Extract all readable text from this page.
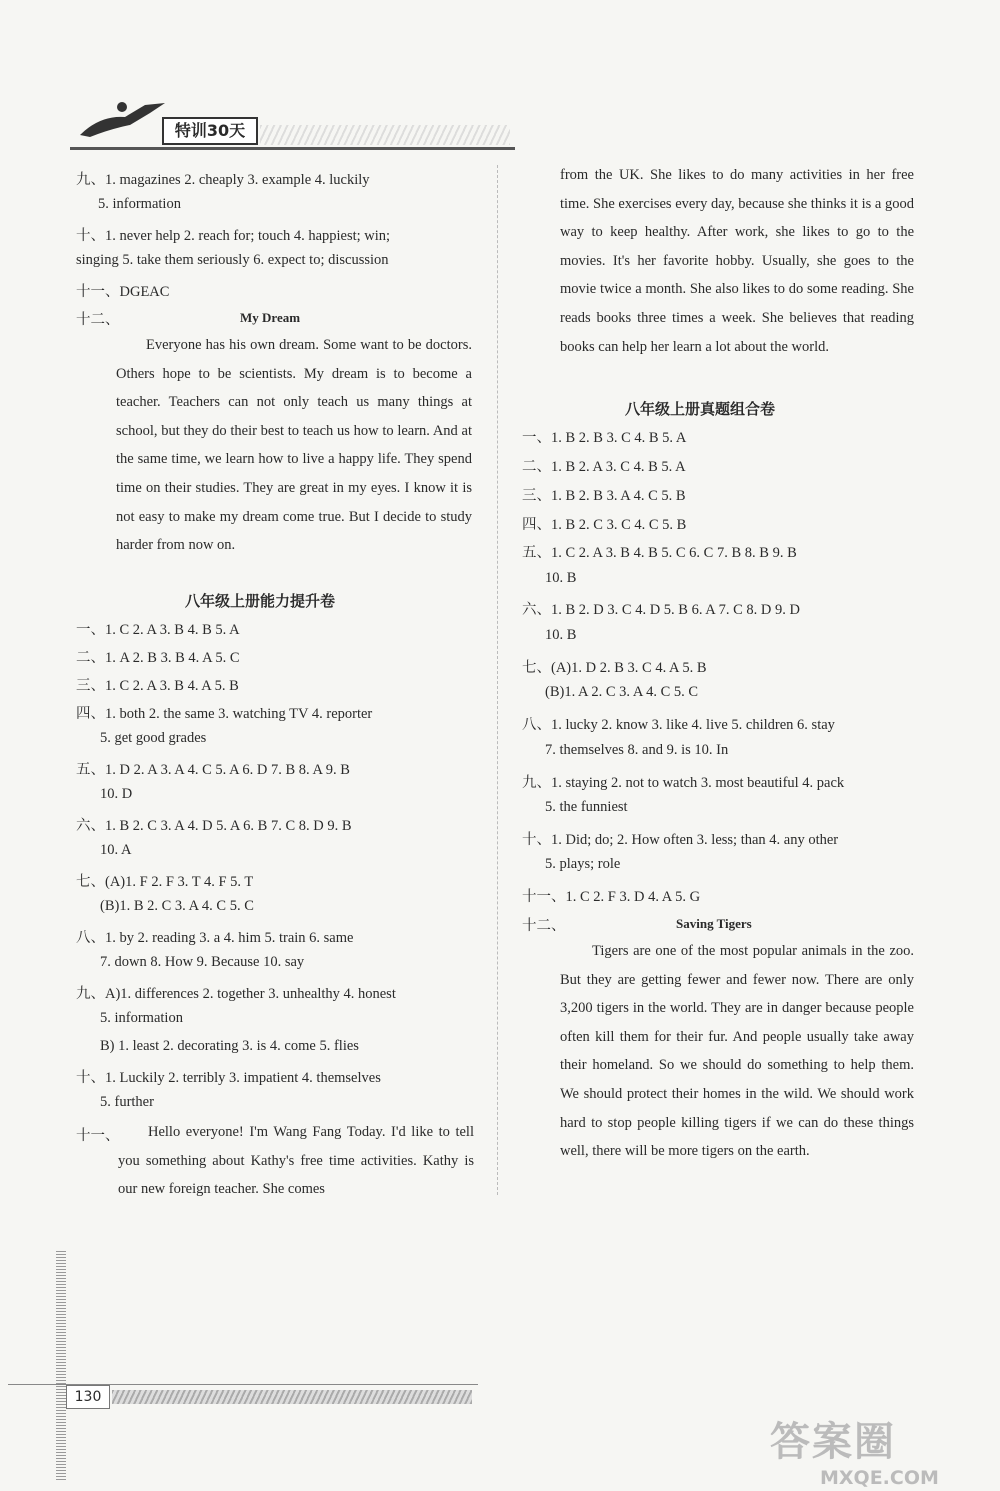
特训30天
九、1. magazines 2. cheaply 3. example 4. luckily
5. information
十、1. never help 2. reach for; touch 4. happiest; win;
singing 5. take them seriously 6. expect to; discussion
十一、DGEAC
十二、	My Dream
Everyone has his own dream. Some want to be doctors. Others hope to be scientists. My dream is to become a teacher. Teachers can not only teach us many things at school, but they do their best to teach us how to learn. And at the same time, we learn how to live a happy life. They spend time on their studies. They are great in my eyes. I know it is not easy to make my dream come true. But I decide to study harder from now on.
八年级上册能力提升卷
一、1. C 2. A 3. B 4. B 5. A
二、1. A 2. B 3. B 4. A 5. C
三、1. C 2. A 3. B 4. A 5. B
四、1. both 2. the same 3. watching TV 4. reporter
5. get good grades
五、1. D 2. A 3. A 4. C 5. A 6. D 7. B 8. A 9. B
10. D
六、1. B 2. C 3. A 4. D 5. A 6. B 7. C 8. D 9. B
10. A
七、(A)1. F 2. F 3. T 4. F 5. T
(B)1. B 2. C 3. A 4. C 5. C
八、1. by 2. reading 3. a 4. him 5. train 6. same
7. down 8. How 9. Because 10. say
九、A)1. differences 2. together 3. unhealthy 4. honest
5. information
B) 1. least 2. decorating 3. is 4. come 5. flies
十、1. Luckily 2. terribly 3. impatient 4. themselves
5. further
十一、	Hello everyone! I'm Wang Fang Today. I'd like to tell you something about Kathy's free time activities. Kathy is our new foreign teacher. She comes
from the UK. She likes to do many activities in her free time. She exercises every day, because she thinks it is a good way to keep healthy. After work, she likes to go to the movies. It's her favorite hobby. Usually, she goes to the movie twice a month. She also likes to do some reading. She reads books three times a week. She believes that reading books can help her learn a lot about the world.
八年级上册真题组合卷
一、1. B 2. B 3. C 4. B 5. A
二、1. B 2. A 3. C 4. B 5. A
三、1. B 2. B 3. A 4. C 5. B
四、1. B 2. C 3. C 4. C 5. B
五、1. C 2. A 3. B 4. B 5. C 6. C 7. B 8. B 9. B
10. B
六、1. B 2. D 3. C 4. D 5. B 6. A 7. C 8. D 9. D
10. B
七、(A)1. D 2. B 3. C 4. A 5. B
(B)1. A 2. C 3. A 4. C 5. C
八、1. lucky 2. know 3. like 4. live 5. children 6. stay
7. themselves 8. and 9. is 10. In
九、1. staying 2. not to watch 3. most beautiful 4. pack
5. the funniest
十、1. Did; do; 2. How often 3. less; than 4. any other
5. plays; role
十一、1. C 2. F 3. D 4. A 5. G
十二、	Saving Tigers
Tigers are one of the most popular animals in the zoo. But they are getting fewer and fewer now. There are only 3,200 tigers in the world. They are in danger because people often kill them for their fur. And people usually take away their homeland. So we should do something to help them. We should protect their homes in the wild. We should work hard to stop people killing tigers if we can do these things well, there will be more tigers on the earth.
130
答案圈
MXQE.COM
